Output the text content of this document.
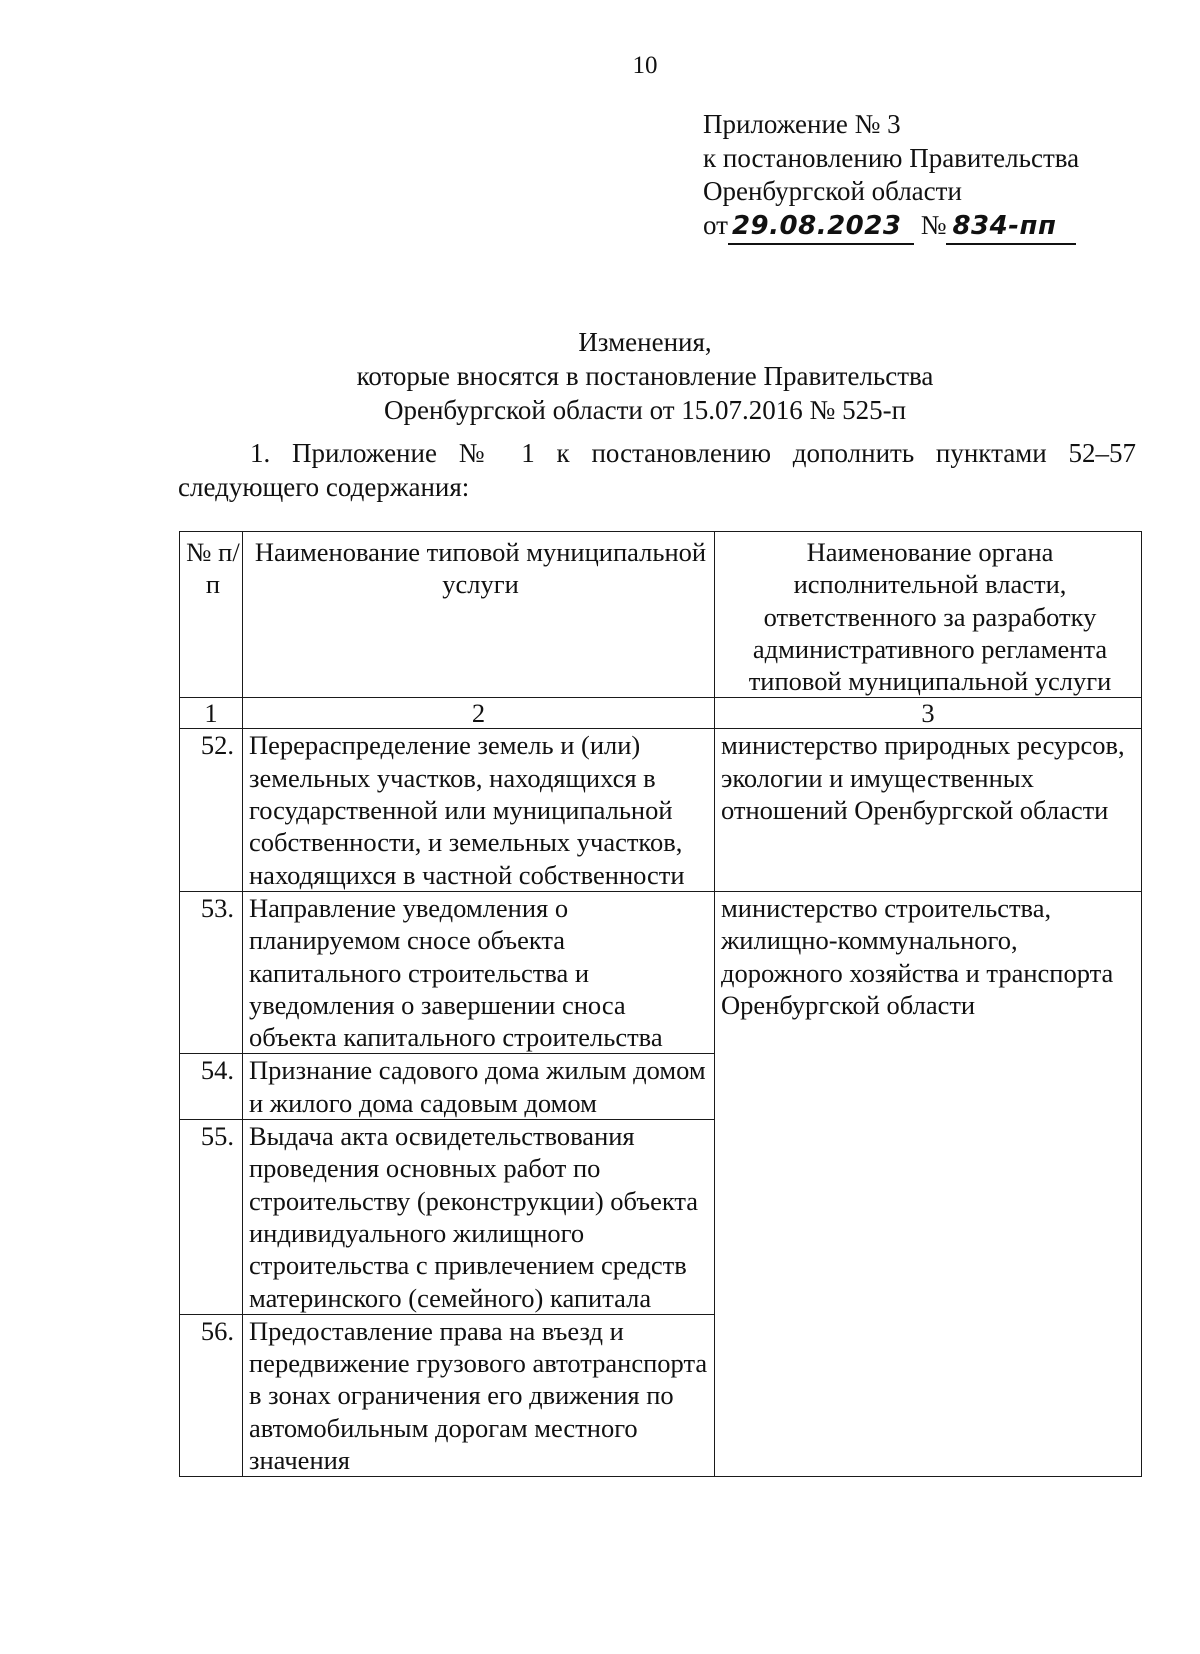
10
Приложение № 3
к постановлению Правительства
Оренбургской области
от 29.08.2023 № 834-пп
Изменения,
которые вносятся в постановление Правительства
Оренбургской области от 15.07.2016 № 525-п
1. Приложение № 1 к постановлению дополнить пунктами 52–57 следующего содержания:
№ п/п	Наименование типовой муниципальной услуги	Наименование органа исполнительной власти, ответственного за разработку административного регламента типовой муниципальной услуги
1	2	3
52.	Перераспределение земель и (или) земельных участков, находящихся в государственной или муниципальной собственности, и земельных участков, находящихся в частной собственности	министерство природных ресурсов, экологии и имущественных отношений Оренбургской области
53.	Направление уведомления о планируемом сносе объекта капитального строительства и уведомления о завершении сноса объекта капитального строительства	министерство строительства, жилищно-коммунального, дорожного хозяйства и транспорта Оренбургской области
54.	Признание садового дома жилым домом и жилого дома садовым домом	
55.	Выдача акта освидетельствования проведения основных работ по строительству (реконструкции) объекта индивидуального жилищного строительства с привлечением средств материнского (семейного) капитала	
56.	Предоставление права на въезд и передвижение грузового автотранспорта в зонах ограничения его движения по автомобильным дорогам местного значения	
